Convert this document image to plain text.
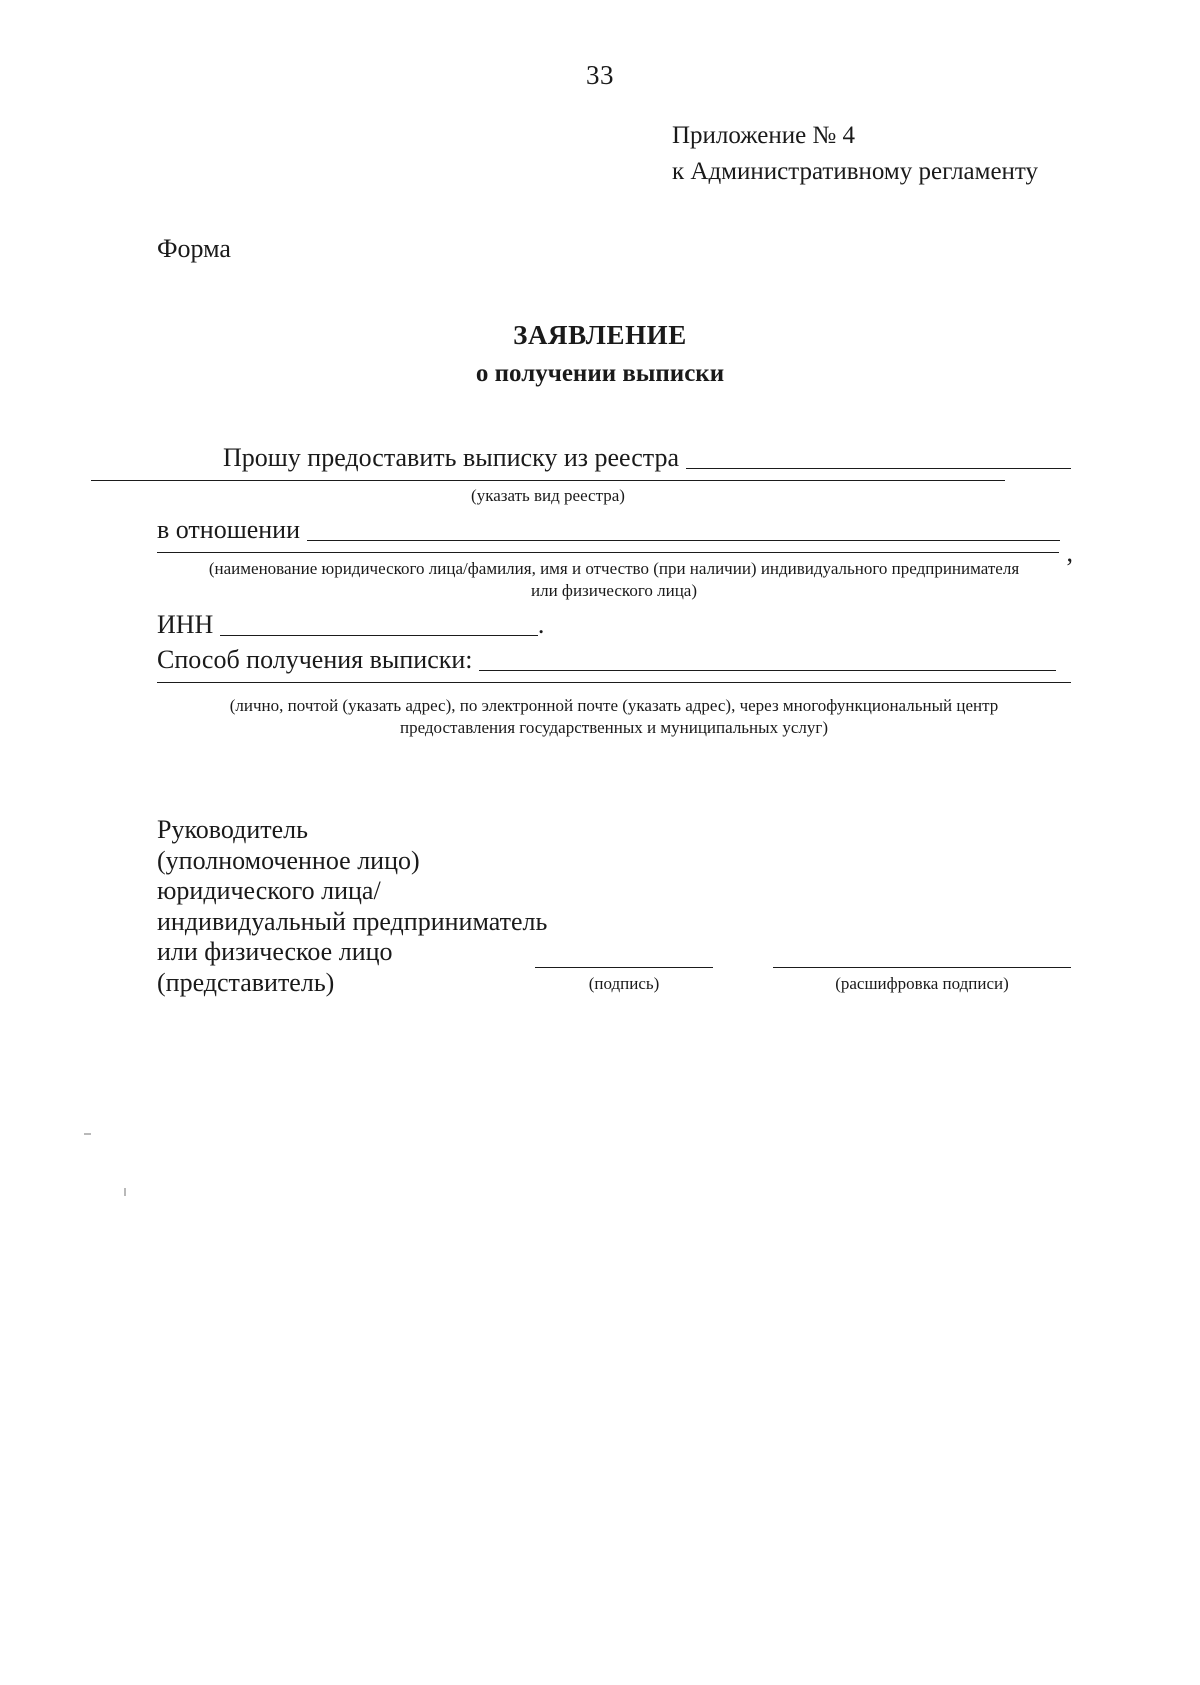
33
Приложение № 4
к Административному регламенту
Форма
ЗАЯВЛЕНИЕ
о получении выписки
Прошу предоставить выписку из реестра
(указать вид реестра)
в отношении
,
(наименование юридического лица/фамилия, имя и отчество (при наличии) индивидуального предпринимателя
или физического лица)
ИНН	.
Способ получения выписки:
(лично, почтой (указать адрес), по электронной почте (указать адрес), через многофункциональный центр
предоставления государственных и муниципальных услуг)
Руководитель
(уполномоченное лицо)
юридического лица/
индивидуальный предприниматель
или физическое лицо
(представитель)	(подпись)	(расшифровка подписи)
